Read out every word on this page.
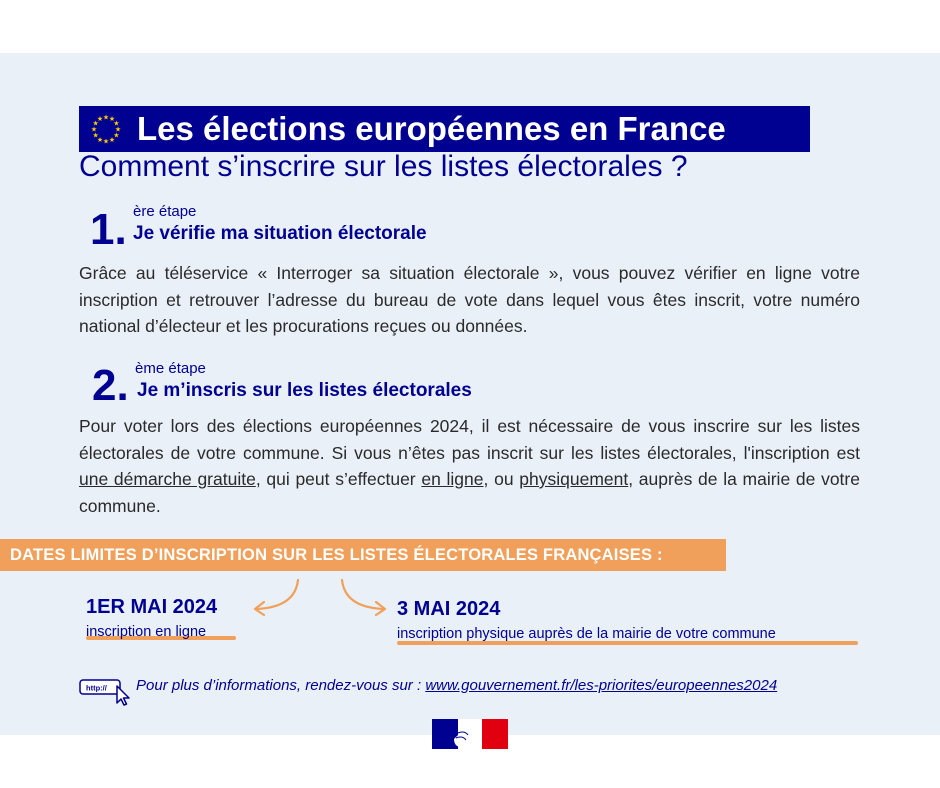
★ ★
★
★
★
★
★
★
★
★
★
★ Les élections européennes en France
Comment s’inscrire sur les listes électorales ?
1. ère étape
Je vérifie ma situation électorale
Grâce au téléservice « Interroger sa situation électorale », vous pouvez vérifier en ligne votre inscription et retrouver l’adresse du bureau de vote dans lequel vous êtes inscrit, votre numéro national d’électeur et les procurations reçues ou données.
2. ème étape
Je m’inscris sur les listes électorales
Pour voter lors des élections européennes 2024, il est nécessaire de vous inscrire sur les listes électorales de votre commune. Si vous n’êtes pas inscrit sur les listes électorales, l'inscription est une démarche gratuite, qui peut s’effectuer en ligne, ou physiquement, auprès de la mairie de votre commune.
DATES LIMITES D’INSCRIPTION SUR LES LISTES ÉLECTORALES FRANÇAISES :
1ER MAI 2024
inscription en ligne
3 MAI 2024
inscription physique auprès de la mairie de votre commune
http:// Pour plus d’informations, rendez-vous sur : www.gouvernement.fr/les-priorites/europeennes2024
